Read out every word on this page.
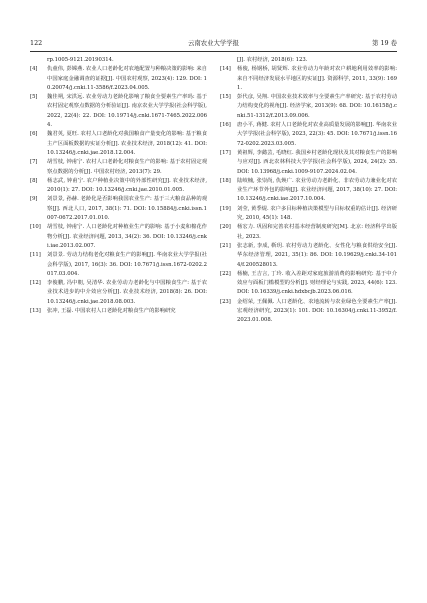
122	云南农业大学学报	第 19 卷
rp.1005-9121.20190314.
[4] 仇童伟, 彭嫦燕. 农业人口老龄化对农地配置与种粮决策的影响: 来自中国家庭金融调查的证据[J]. 中国农村观察, 2023(4): 129. DOI: 10.20074/j.cnki.11-3586/f.2023.04.005.
[5] 魏佳朔, 宋洪远. 农业劳动力老龄化影响了粮食全要素生产率吗: 基于农村固定观察点数据的分析验证[J]. 南京农业大学学报(社会科学版), 2022, 22(4): 22. DOI: 10.19714/j.cnki.1671-7465.2022.0064.
[6] 魏君英, 夏旺. 农村人口老龄化对我国粮食产量变化的影响: 基于粮食主产区面板数据的实证分析[J]. 农业技术经济, 2018(12): 41. DOI: 10.13246/j.cnki.jae.2018.12.004.
[7] 胡雪枝, 钟甫宁. 农村人口老龄化对粮食生产的影响: 基于农村固定观察点数据的分析[J]. 中国农村经济, 2013(7): 29.
[8] 杨志武, 钟甫宁. 农户种植业决策中的外部性研究[J]. 农业技术经济, 2010(1): 27. DOI: 10.13246/j.cnki.jae.2010.01.005.
[9] 刘景景, 孙赫. 老龄化是否影响我国农业生产: 基于三大粮食品种的观察[J]. 西北人口, 2017, 38(1): 71. DOI: 10.15884/j.cnki.issn.1007-0672.2017.01.010.
[10] 胡雪枝, 钟甫宁. 人口老龄化对种植业生产的影响: 基于小麦和棉花作物分析[J]. 农业经济问题, 2013, 34(2): 36. DOI: 10.13246/j.cnki.iae.2013.02.007.
[11] 刘景景. 劳动力结构老化对粮食生产的影响[J]. 华南农业大学学报(社会科学版), 2017, 16(3): 36. DOI: 10.7671/j.issn.1672-0202.2017.03.004.
[12] 李俊鹏, 冯中朝, 吴清华. 农业劳动力老龄化与中国粮食生产: 基于农业技术进步的中介效应分析[J]. 农业技术经济, 2018(8): 26. DOI: 10.13246/j.cnki.jae.2018.08.003.
[13] 张冲, 王磊. 中国农村人口老龄化对粮食生产的影响研究
[J]. 农村经济, 2018(6): 123.
[14] 杨俊, 杨钢桥, 胡贤辉. 农业劳动力年龄对农户耕地利用效率的影响: 来自不同经济发展水平地区的实证[J]. 资源科学, 2011, 33(9): 1691.
[15] 彭代彦, 吴翔. 中国农业技术效率与全要素生产率研究: 基于农村劳动力结构变化的视角[J]. 经济学家, 2013(9): 68. DOI: 10.16158/j.cnki.51-1312/f.2013.09.006.
[16] 唐小平, 蒋健. 农村人口老龄化对农业高质量发展的影响[J]. 华南农业大学学报(社会科学版), 2023, 22(3): 45. DOI: 10.7671/j.issn.1672-0202.2023.03.005.
[17] 黄祖辉, 李懿芸, 毛晓红. 我国乡村老龄化现状及其对粮食生产的影响与应对[J]. 西北农林科技大学学报(社会科学版), 2024, 24(2): 35. DOI: 10.13968/j.cnki.1009-9107.2024.02.04.
[18] 陆岐楠, 张崇尚, 仇焕广. 农业劳动力老龄化、非农劳动力兼业化对农业生产环节外包的影响[J]. 农业经济问题, 2017, 38(10): 27. DOI: 10.13246/j.cnki.iae.2017.10.004.
[19] 刘莹, 黄季焜. 农户多目标种植决策模型与目标权重的估计[J]. 经济研究, 2010, 45(1): 148.
[20] 杨宏力. 巩固和完善农村基本经营制度研究[M]. 北京: 经济科学出版社, 2023.
[21] 张志新, 李成, 靳玥. 农村劳动力老龄化、女性化与粮食供给安全[J]. 华东经济管理, 2021, 35(1): 86. DOI: 10.19629/j.cnki.34-1014/f.200528013.
[22] 杨楠, 王吉言, 丁玲. 收入差距对家庭旅游消费的影响研究: 基于中介效应与面板门槛模型的分析[J]. 财经理论与实践, 2023, 44(6): 123. DOI: 10.16339/j.cnki.hdxbcjb.2023.06.016.
[23] 金绍荣, 王佩佩. 人口老龄化、农地流转与农业绿色全要素生产率[J]. 宏观经济研究, 2023(1): 101. DOI: 10.16304/j.cnki.11-3952/f.2023.01.008.
